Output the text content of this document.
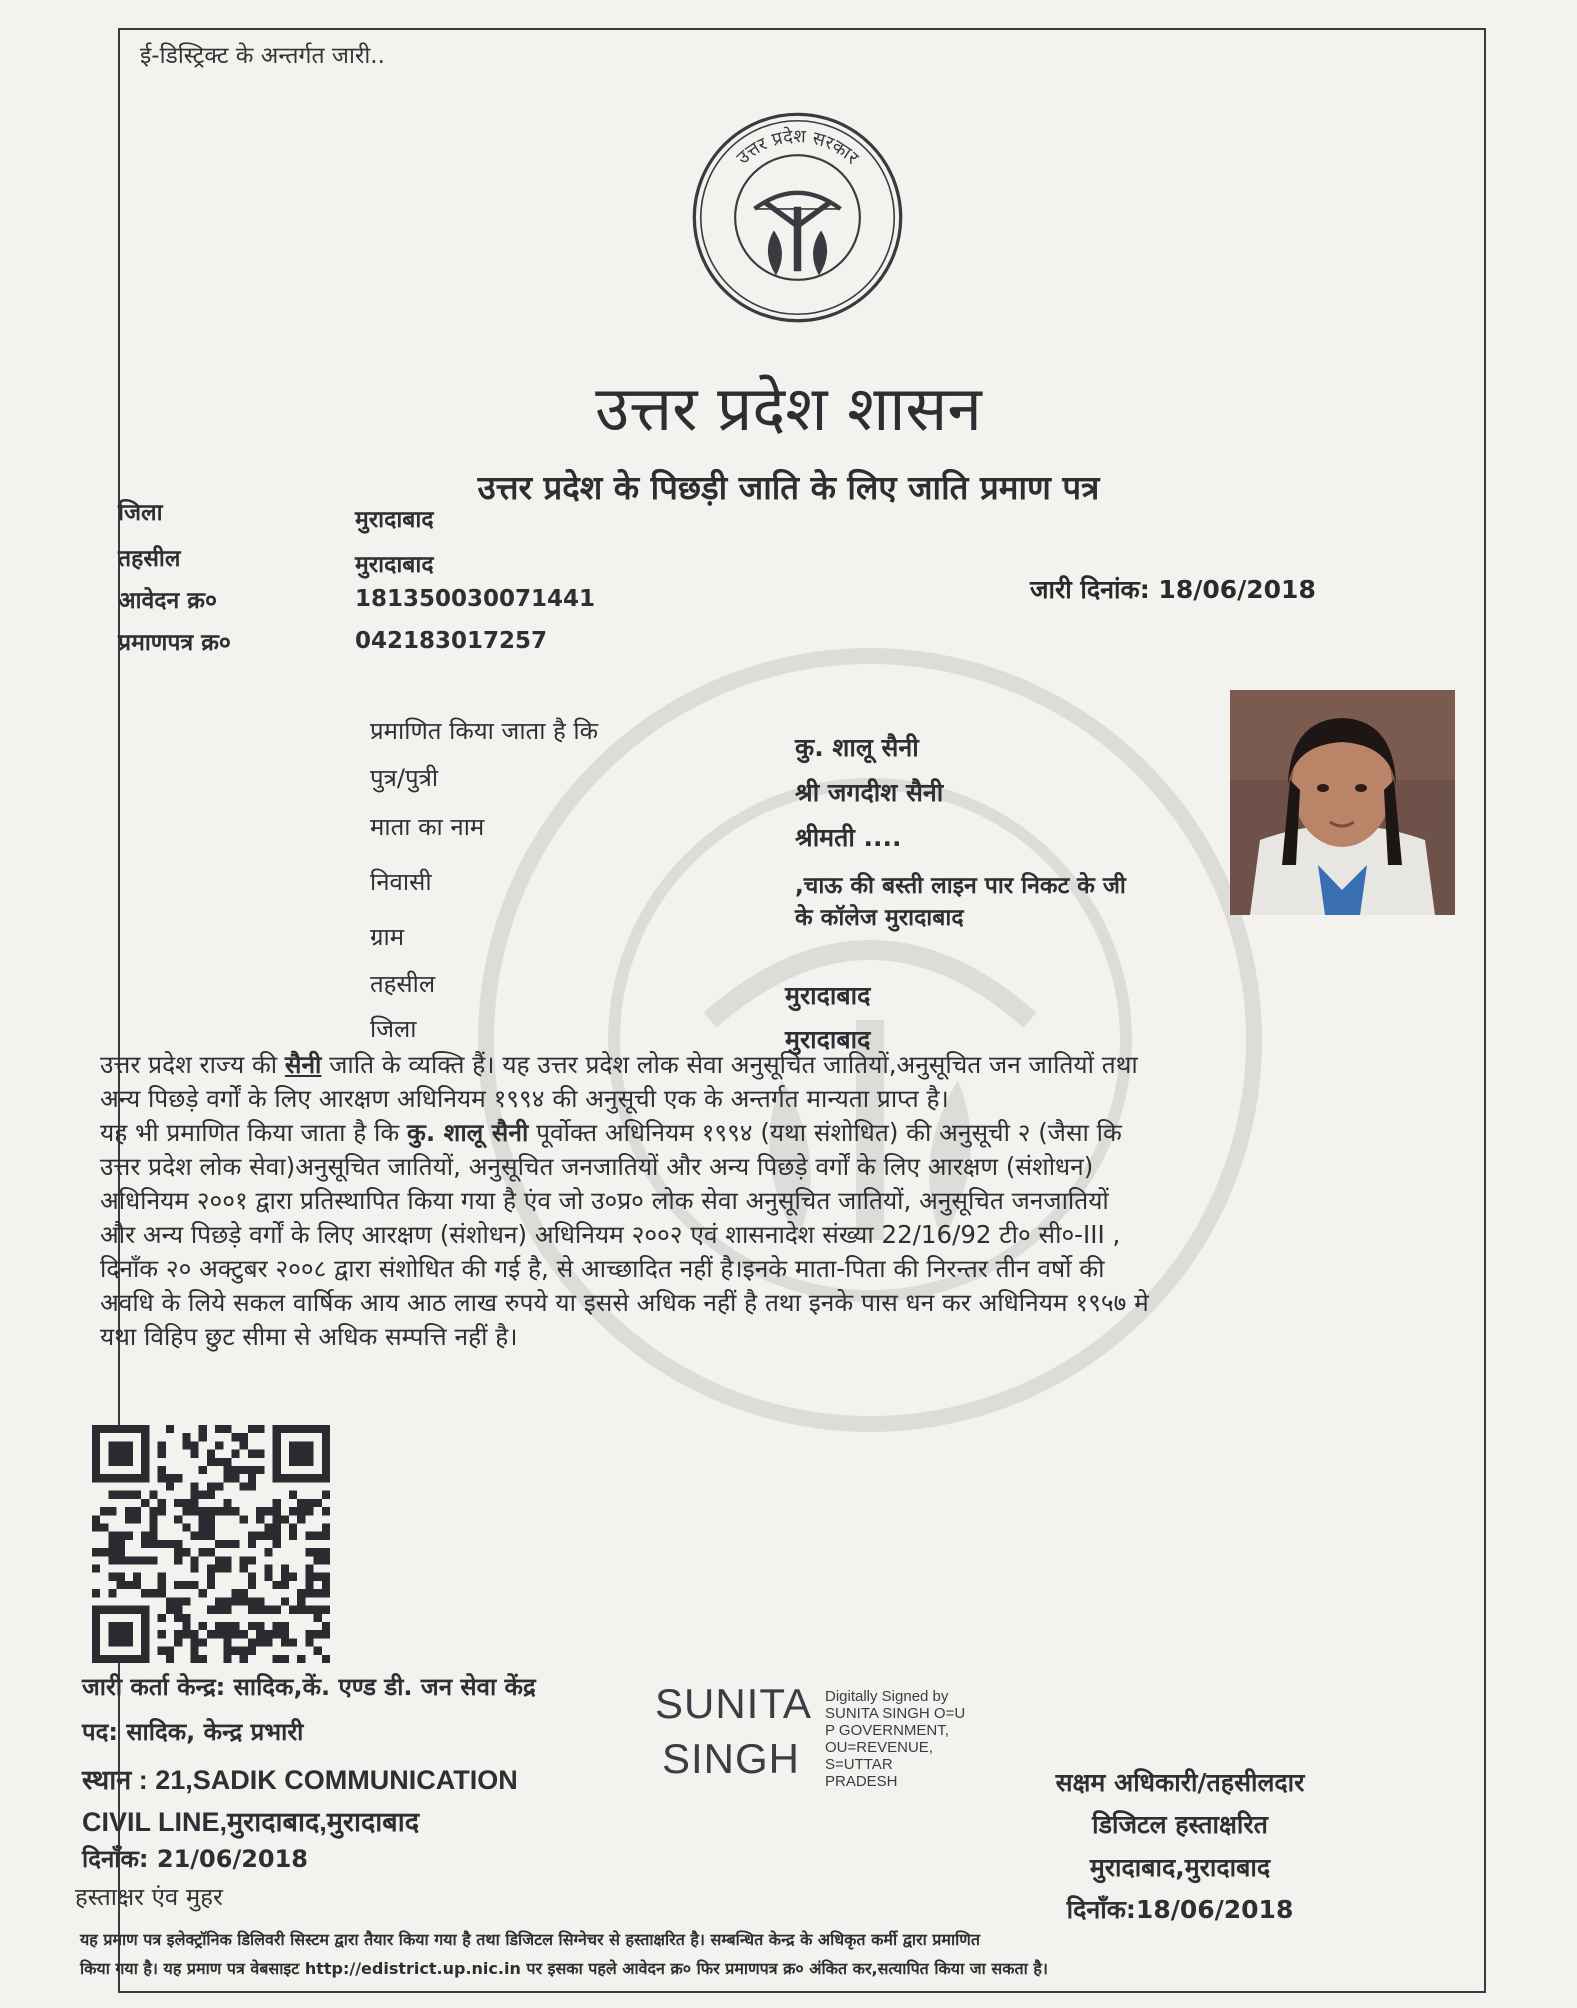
ई-डिस्ट्रिक्ट के अन्तर्गत जारी..
उत्तर प्रदेश सरकार
उत्तर प्रदेश शासन
उत्तर प्रदेश के पिछड़ी जाति के लिए जाति प्रमाण पत्र
जिला	मुरादाबाद
तहसील	मुरादाबाद
आवेदन क्र०	181350030071441
प्रमाणपत्र क्र०	042183017257
जारी दिनांक: 18/06/2018
प्रमाणित किया जाता है कि
कु. शालू सैनी
पुत्र/पुत्री	श्री जगदीश सैनी
माता का नाम	श्रीमती ....
निवासी	,चाऊ की बस्ती लाइन पार निकट के जी
के कॉलेज मुरादाबाद
ग्राम
तहसील	मुरादाबाद
जिला	मुरादाबाद
उत्तर प्रदेश राज्य की सैनी जाति के व्यक्ति हैं। यह उत्तर प्रदेश लोक सेवा अनुसूचित जातियों,अनुसूचित जन जातियों तथा
अन्य पिछड़े वर्गों के लिए आरक्षण अधिनियम १९९४ की अनुसूची एक के अन्तर्गत मान्यता प्राप्त है।
यह भी प्रमाणित किया जाता है कि कु. शालू सैनी पूर्वोक्त अधिनियम १९९४ (यथा संशोधित) की अनुसूची २ (जैसा कि
उत्तर प्रदेश लोक सेवा)अनुसूचित जातियों, अनुसूचित जनजातियों और अन्य पिछड़े वर्गों के लिए आरक्षण (संशोधन)
अधिनियम २००१ द्वारा प्रतिस्थापित किया गया है एंव जो उ०प्र० लोक सेवा अनुसूचित जातियों, अनुसूचित जनजातियों
और अन्य पिछड़े वर्गों के लिए आरक्षण (संशोधन) अधिनियम २००२ एवं शासनादेश संख्या 22/16/92 टी० सी०-III ,
दिनाँक २० अक्टुबर २००८ द्वारा संशोधित की गई है, से आच्छादित नहीं है।इनके माता-पिता की निरन्तर तीन वर्षो की
अवधि के लिये सकल वार्षिक आय आठ लाख रुपये या इससे अधिक नहीं है तथा इनके पास धन कर अधिनियम १९५७ मे
यथा विहिप छुट सीमा से अधिक सम्पत्ति नहीं है।
जारी कर्ता केन्द्र: सादिक,कें. एण्ड डी. जन सेवा केंद्र
पद: सादिक, केन्द्र प्रभारी
स्थान : 21,SADIK COMMUNICATION
CIVIL LINE,मुरादाबाद,मुरादाबाद
दिनाँक: 21/06/2018
हस्ताक्षर एंव मुहर
SUNITA
SINGH
Digitally Signed by
SUNITA SINGH O=U
P GOVERNMENT,
OU=REVENUE,
S=UTTAR
PRADESH	सक्षम अधिकारी/तहसीलदार
डिजिटल हस्ताक्षरित
मुरादाबाद,मुरादाबाद
दिनाँक:18/06/2018
यह प्रमाण पत्र इलेक्ट्रॉनिक डिलिवरी सिस्टम द्वारा तैयार किया गया है तथा डिजिटल सिग्नेचर से हस्ताक्षरित है। सम्बन्धित केन्द्र के अधिकृत कर्मी द्वारा प्रमाणित
किया गया है। यह प्रमाण पत्र वेबसाइट http://edistrict.up.nic.in पर इसका पहले आवेदन क्र० फिर प्रमाणपत्र क्र० अंकित कर,सत्यापित किया जा सकता है।
